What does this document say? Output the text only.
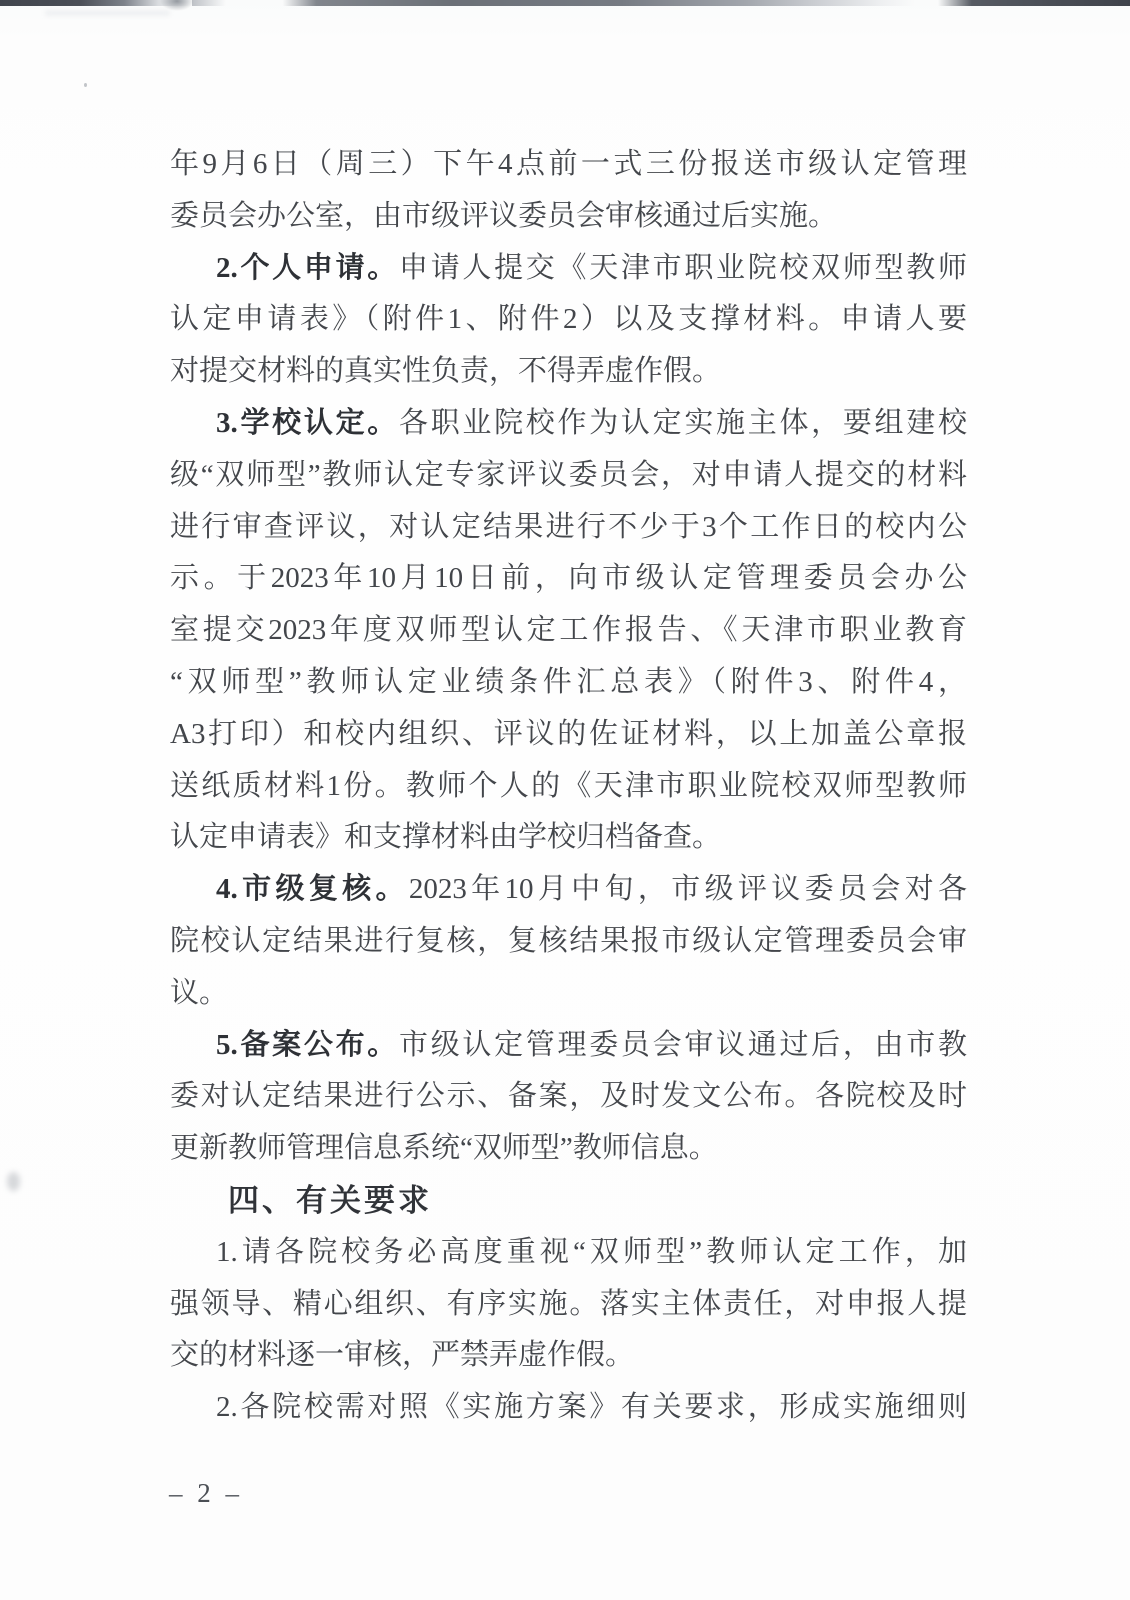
年9月6日（周三）下午4点前一式三份报送市级认定管理
委员会办公室，由市级评议委员会审核通过后实施。
2.个人申请。申请人提交《天津市职业院校双师型教师
认定申请表》（附件1、附件2）以及支撑材料。申请人要
对提交材料的真实性负责，不得弄虚作假。
3.学校认定。各职业院校作为认定实施主体，要组建校
级“双师型”教师认定专家评议委员会，对申请人提交的材料
进行审查评议，对认定结果进行不少于3个工作日的校内公
示。于2023年10月10日前，向市级认定管理委员会办公
室提交2023年度双师型认定工作报告、《天津市职业教育
“双师型”教师认定业绩条件汇总表》（附件3、附件4，
A3打印）和校内组织、评议的佐证材料，以上加盖公章报
送纸质材料1份。教师个人的《天津市职业院校双师型教师
认定申请表》和支撑材料由学校归档备查。
4.市级复核。2023年10月中旬，市级评议委员会对各
院校认定结果进行复核，复核结果报市级认定管理委员会审
议。
5.备案公布。市级认定管理委员会审议通过后，由市教
委对认定结果进行公示、备案，及时发文公布。各院校及时
更新教师管理信息系统“双师型”教师信息。
四、有关要求
1.请各院校务必高度重视“双师型”教师认定工作，加
强领导、精心组织、有序实施。落实主体责任，对申报人提
交的材料逐一审核，严禁弄虚作假。
2.各院校需对照《实施方案》有关要求，形成实施细则
– 2 –
